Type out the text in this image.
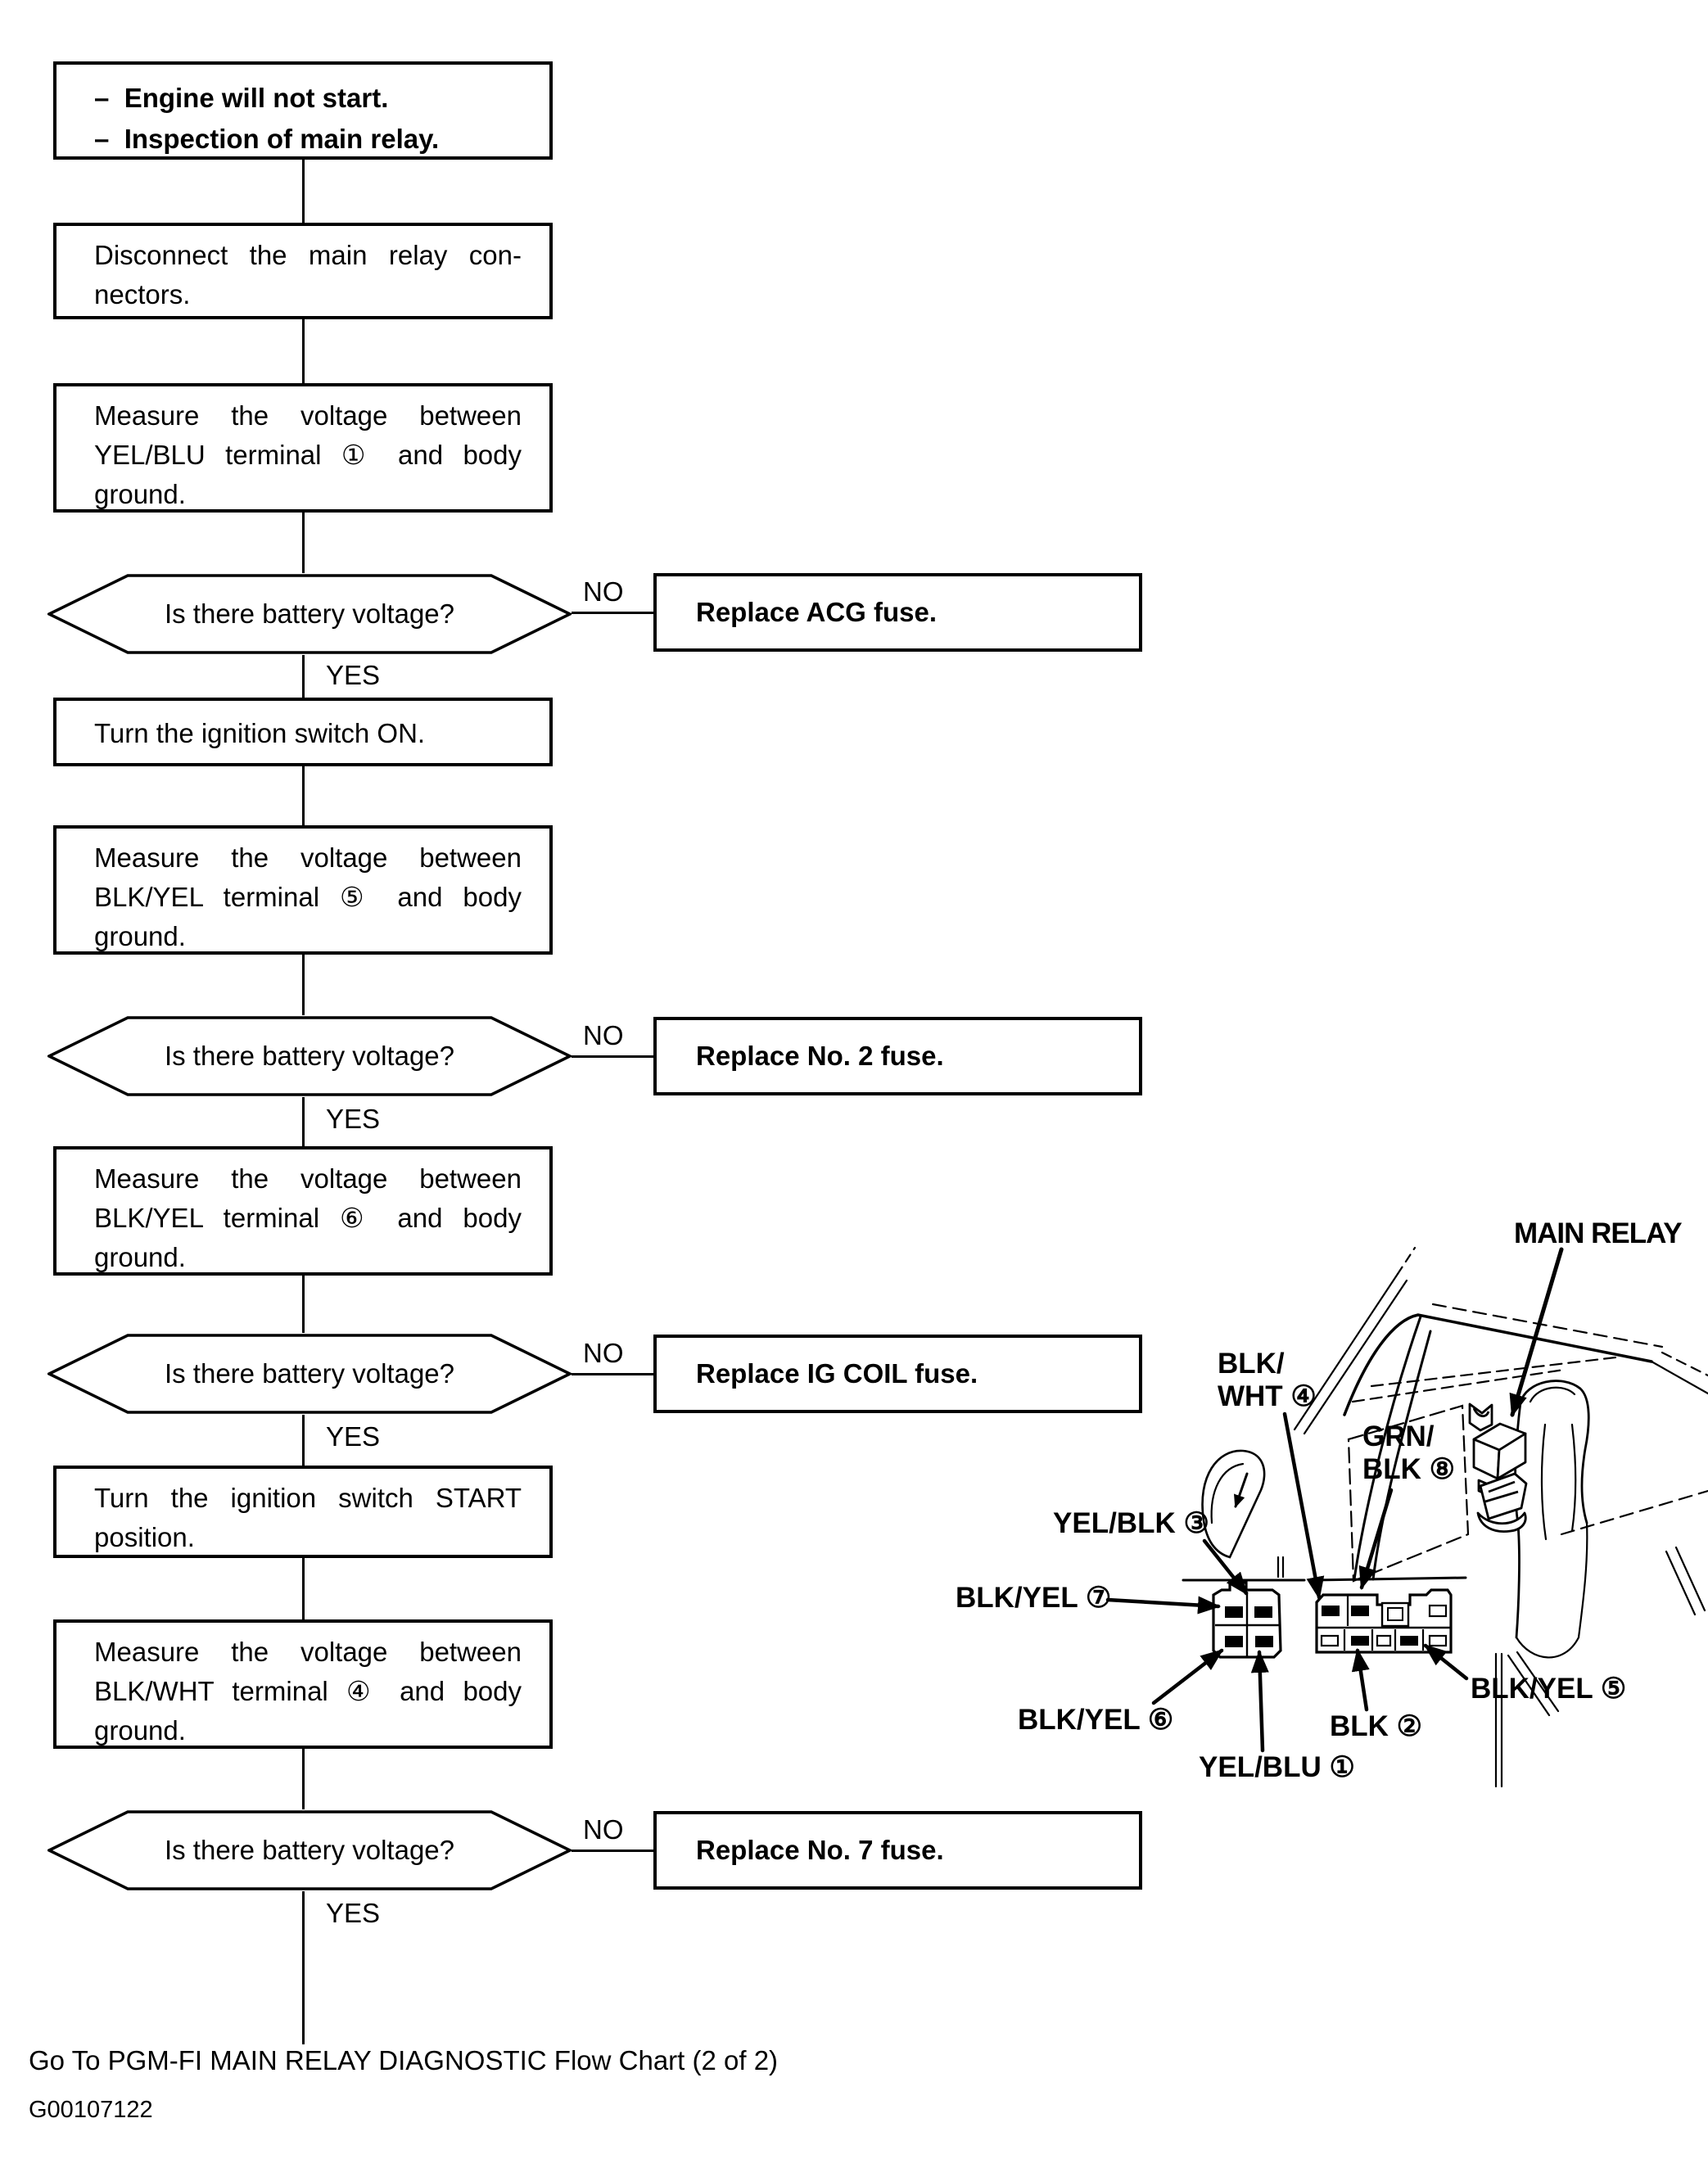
–  Engine will not start.
–  Inspection of main relay.
Disconnect the main relay con-
nectors.
Measure the voltage between
YEL/BLU terminal ① and body
ground.
Turn the ignition switch ON.
Measure the voltage between
BLK/YEL terminal ⑤ and body
ground.
Measure the voltage between
BLK/YEL terminal ⑥ and body
ground.
Turn the ignition switch START
position.
Measure the voltage between
BLK/WHT terminal ④ and body
ground.
Is there battery voltage?
Is there battery voltage?
Is there battery voltage?
Is there battery voltage?
NO
YES
NO
YES
NO
YES
NO
YES
Replace ACG fuse.
Replace No. 2 fuse.
Replace IG COIL fuse.
Replace No. 7 fuse.
Go To PGM-FI MAIN RELAY DIAGNOSTIC Flow Chart (2 of 2)
G00107122
MAIN RELAY
BLK/
WHT ④
GRN/
BLK ⑧
YEL/BLK ③
BLK/YEL ⑦
BLK/YEL ⑥
YEL/BLU ①
BLK ②
BLK/YEL ⑤
